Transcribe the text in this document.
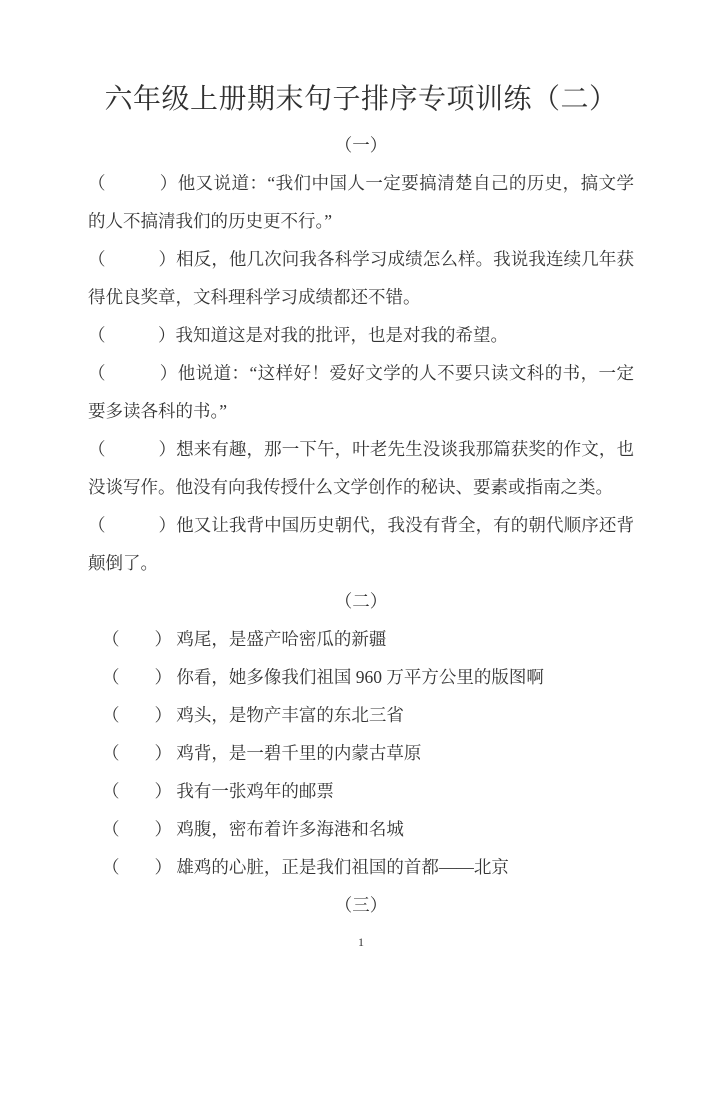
六年级上册期末句子排序专项训练（二）
（一）

（　　　）他又说道：“我们中国人一定要搞清楚自己的历史，搞文学的人不搞清我们的历史更不行。”

（　　　）相反，他几次问我各科学习成绩怎么样。我说我连续几年获得优良奖章，文科理科学习成绩都还不错。

（　　　）我知道这是对我的批评，也是对我的希望。

（　　　）他说道：“这样好！爱好文学的人不要只读文科的书，一定要多读各科的书。”

（　　　）想来有趣，那一下午，叶老先生没谈我那篇获奖的作文，也没谈写作。他没有向我传授什么文学创作的秘诀、要素或指南之类。

（　　　）他又让我背中国历史朝代，我没有背全，有的朝代顺序还背颠倒了。

（二）

（　　） 鸡尾，是盛产哈密瓜的新疆

（　　） 你看，她多像我们祖国 960 万平方公里的版图啊

（　　） 鸡头，是物产丰富的东北三省

（　　） 鸡背，是一碧千里的内蒙古草原

（　　） 我有一张鸡年的邮票

（　　） 鸡腹，密布着许多海港和名城

（　　） 雄鸡的心脏，正是我们祖国的首都——北京

（三）
1
